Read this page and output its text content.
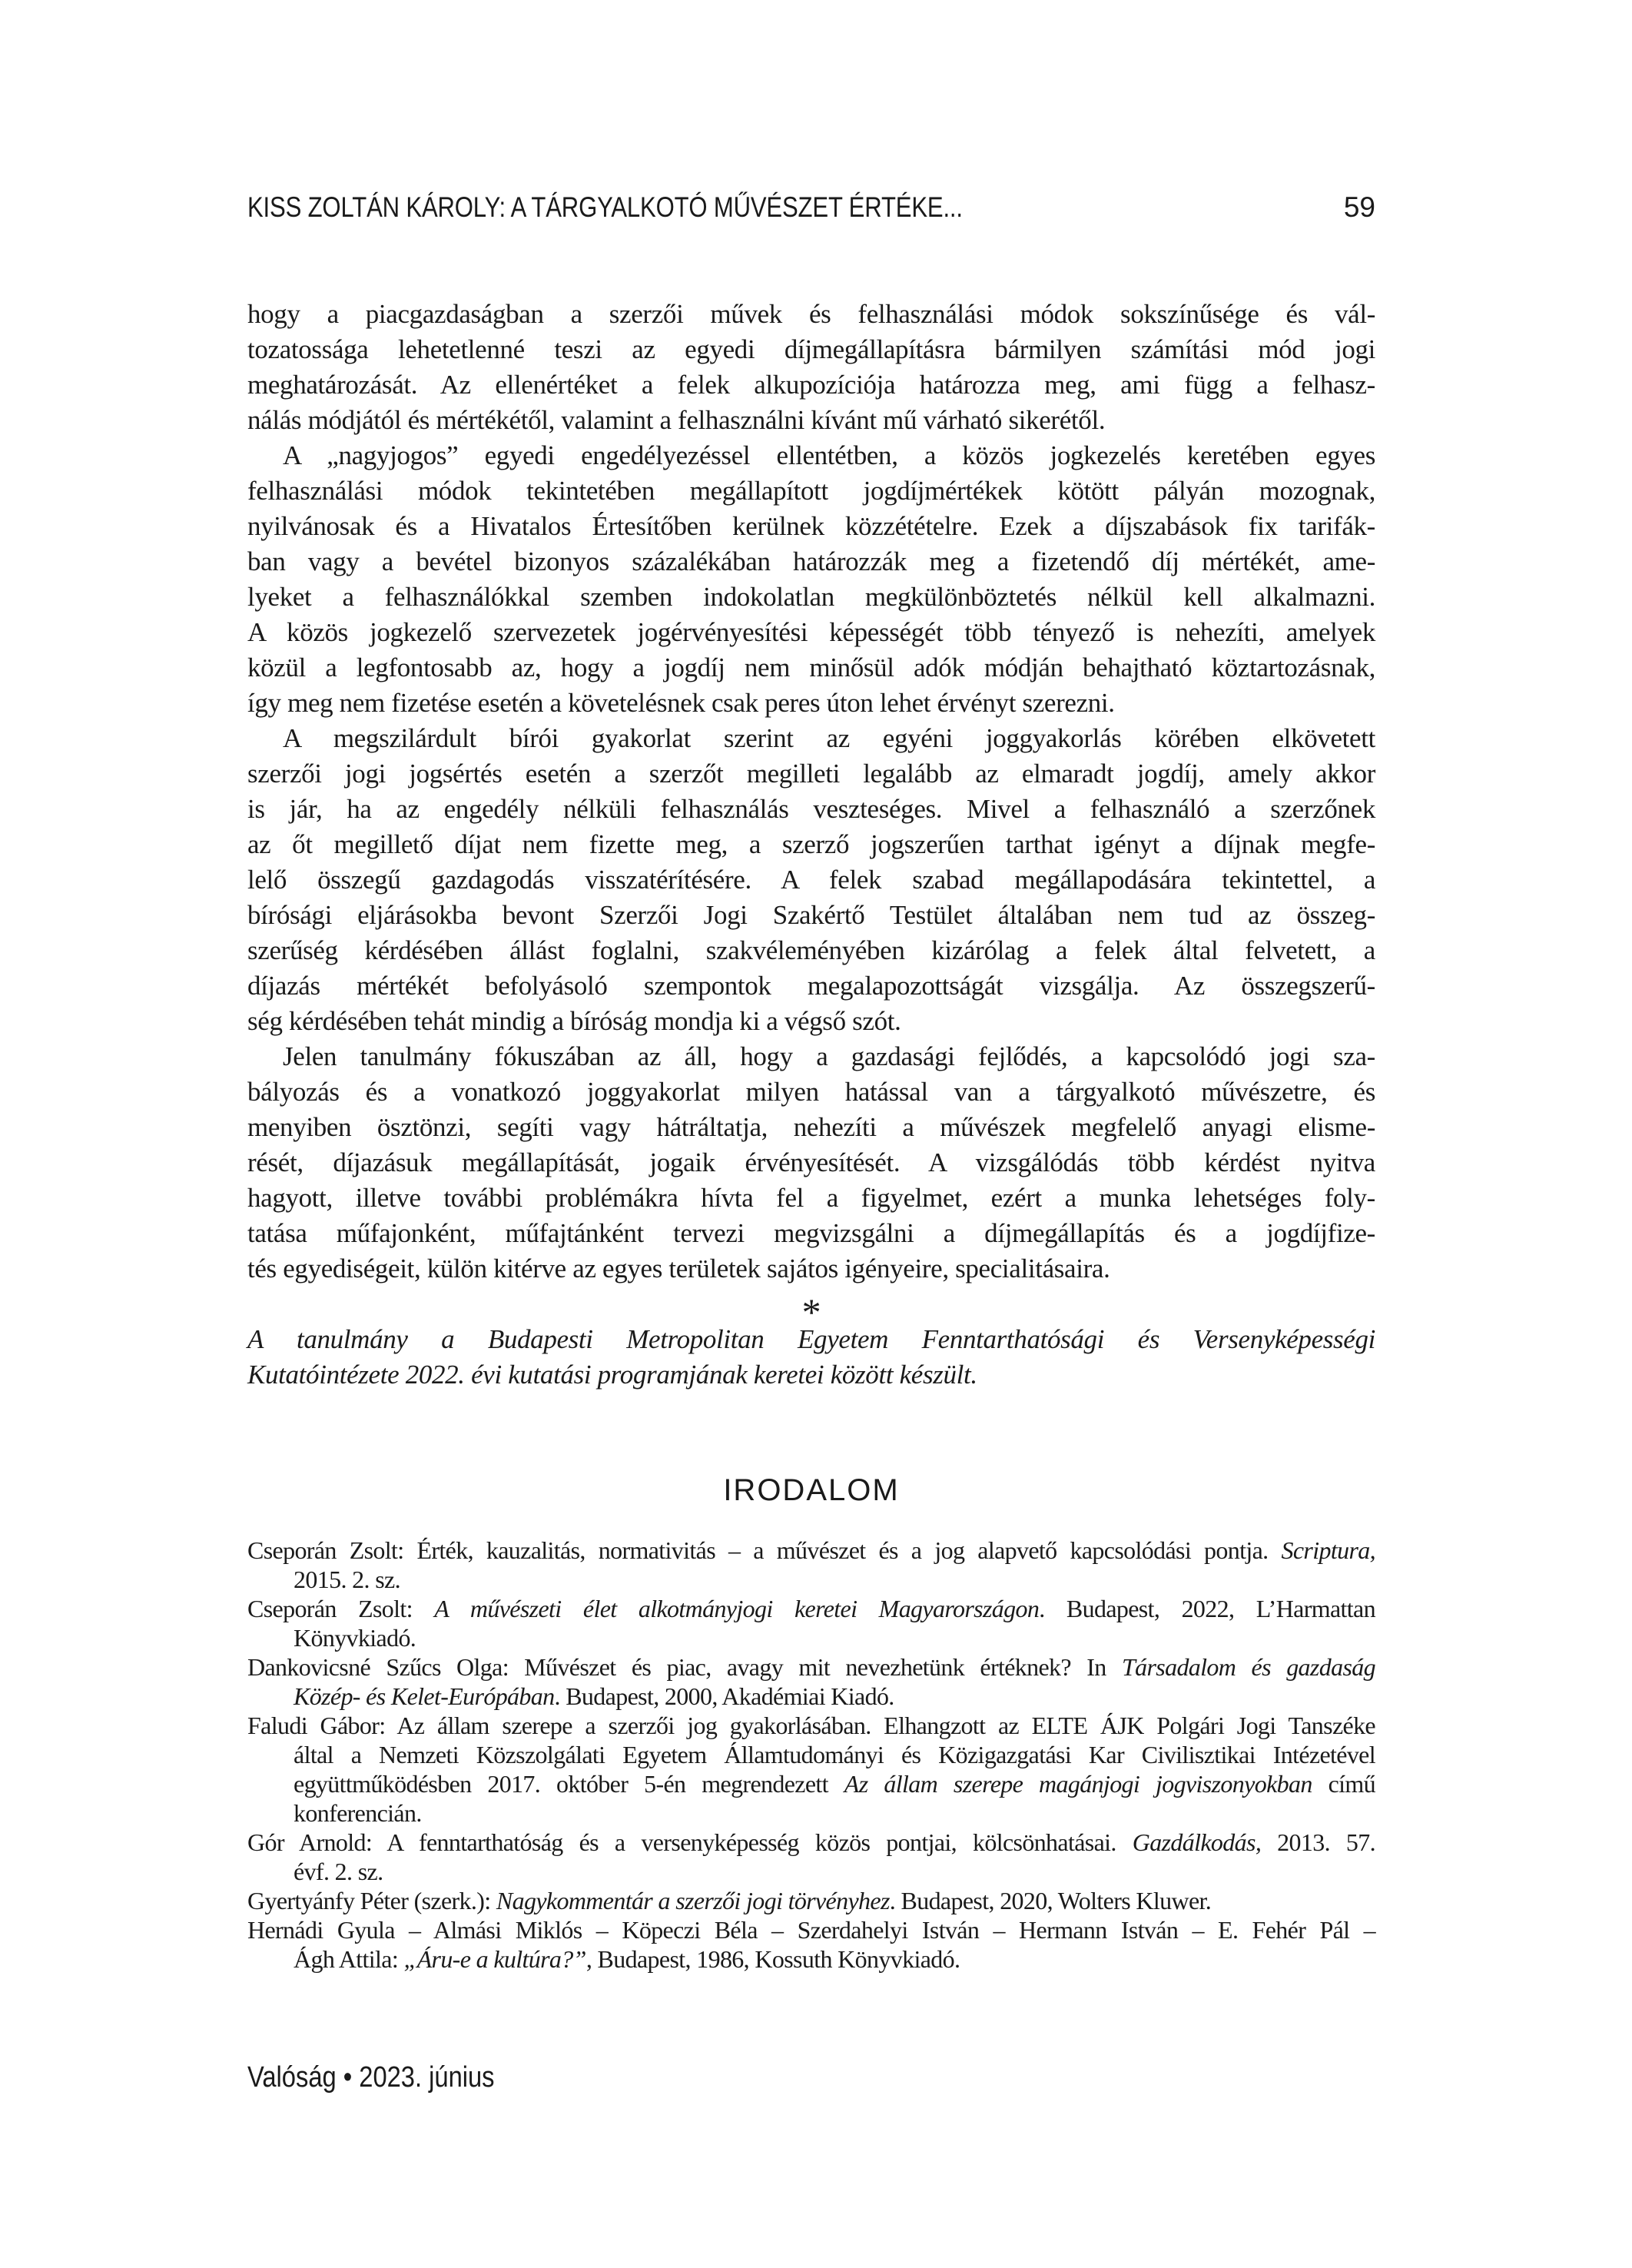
KISS ZOLTÁN KÁROLY: A TÁRGYALKOTÓ MŰVÉSZET ÉRTÉKE...	59
hogy a piacgazdaságban a szerzői művek és felhasználási módok sokszínűsége és vál-
tozatossága lehetetlenné teszi az egyedi díjmegállapításra bármilyen számítási mód jogi
meghatározását. Az ellenértéket a felek alkupozíciója határozza meg, ami függ a felhasz-
nálás módjától és mértékétől, valamint a felhasználni kívánt mű várható sikerétől.
A „nagyjogos” egyedi engedélyezéssel ellentétben, a közös jogkezelés keretében egyes
felhasználási módok tekintetében megállapított jogdíjmértékek kötött pályán mozognak,
nyilvánosak és a Hivatalos Értesítőben kerülnek közzétételre. Ezek a díjszabások fix tarifák-
ban vagy a bevétel bizonyos százalékában határozzák meg a fizetendő díj mértékét, ame-
lyeket a felhasználókkal szemben indokolatlan megkülönböztetés nélkül kell alkalmazni.
A közös jogkezelő szervezetek jogérvényesítési képességét több tényező is nehezíti, amelyek
közül a legfontosabb az, hogy a jogdíj nem minősül adók módján behajtható köztartozásnak,
így meg nem fizetése esetén a követelésnek csak peres úton lehet érvényt szerezni.
A megszilárdult bírói gyakorlat szerint az egyéni joggyakorlás körében elkövetett
szerzői jogi jogsértés esetén a szerzőt megilleti legalább az elmaradt jogdíj, amely akkor
is jár, ha az engedély nélküli felhasználás veszteséges. Mivel a felhasználó a szerzőnek
az őt megillető díjat nem fizette meg, a szerző jogszerűen tarthat igényt a díjnak megfe-
lelő összegű gazdagodás visszatérítésére. A felek szabad megállapodására tekintettel, a
bírósági eljárásokba bevont Szerzői Jogi Szakértő Testület általában nem tud az összeg-
szerűség kérdésében állást foglalni, szakvéleményében kizárólag a felek által felvetett, a
díjazás mértékét befolyásoló szempontok megalapozottságát vizsgálja. Az összegszerű-
ség kérdésében tehát mindig a bíróság mondja ki a végső szót.
Jelen tanulmány fókuszában az áll, hogy a gazdasági fejlődés, a kapcsolódó jogi sza-
bályozás és a vonatkozó joggyakorlat milyen hatással van a tárgyalkotó művészetre, és
menyiben ösztönzi, segíti vagy hátráltatja, nehezíti a művészek megfelelő anyagi elisme-
rését, díjazásuk megállapítását, jogaik érvényesítését. A vizsgálódás több kérdést nyitva
hagyott, illetve további problémákra hívta fel a figyelmet, ezért a munka lehetséges foly-
tatása műfajonként, műfajtánként tervezi megvizsgálni a díjmegállapítás és a jogdíjfize-
tés egyediségeit, külön kitérve az egyes területek sajátos igényeire, specialitásaira.
*
A tanulmány a Budapesti Metropolitan Egyetem Fenntarthatósági és Versenyképességi
Kutatóintézete 2022. évi kutatási programjának keretei között készült.
IRODALOM
Cseporán Zsolt: Érték, kauzalitás, normativitás – a művészet és a jog alapvető kapcsolódási pontja. Scriptura,
2015. 2. sz.
Cseporán Zsolt: A művészeti élet alkotmányjogi keretei Magyarországon. Budapest, 2022, L’Harmattan
Könyvkiadó.
Dankovicsné Szűcs Olga: Művészet és piac, avagy mit nevezhetünk értéknek? In Társadalom és gazdaság
Közép- és Kelet-Európában. Budapest, 2000, Akadémiai Kiadó.
Faludi Gábor: Az állam szerepe a szerzői jog gyakorlásában. Elhangzott az ELTE ÁJK Polgári Jogi Tanszéke
által a Nemzeti Közszolgálati Egyetem Államtudományi és Közigazgatási Kar Civilisztikai Intézetével
együttműködésben 2017. október 5-én megrendezett Az állam szerepe magánjogi jogviszonyokban című
konferencián.
Gór Arnold: A fenntarthatóság és a versenyképesség közös pontjai, kölcsönhatásai. Gazdálkodás, 2013. 57.
évf. 2. sz.
Gyertyánfy Péter (szerk.): Nagykommentár a szerzői jogi törvényhez. Budapest, 2020, Wolters Kluwer.
Hernádi Gyula – Almási Miklós – Köpeczi Béla – Szerdahelyi István – Hermann István – E. Fehér Pál –
Ágh Attila: „Áru-e a kultúra?”, Budapest, 1986, Kossuth Könyvkiadó.
Valóság • 2023. június
